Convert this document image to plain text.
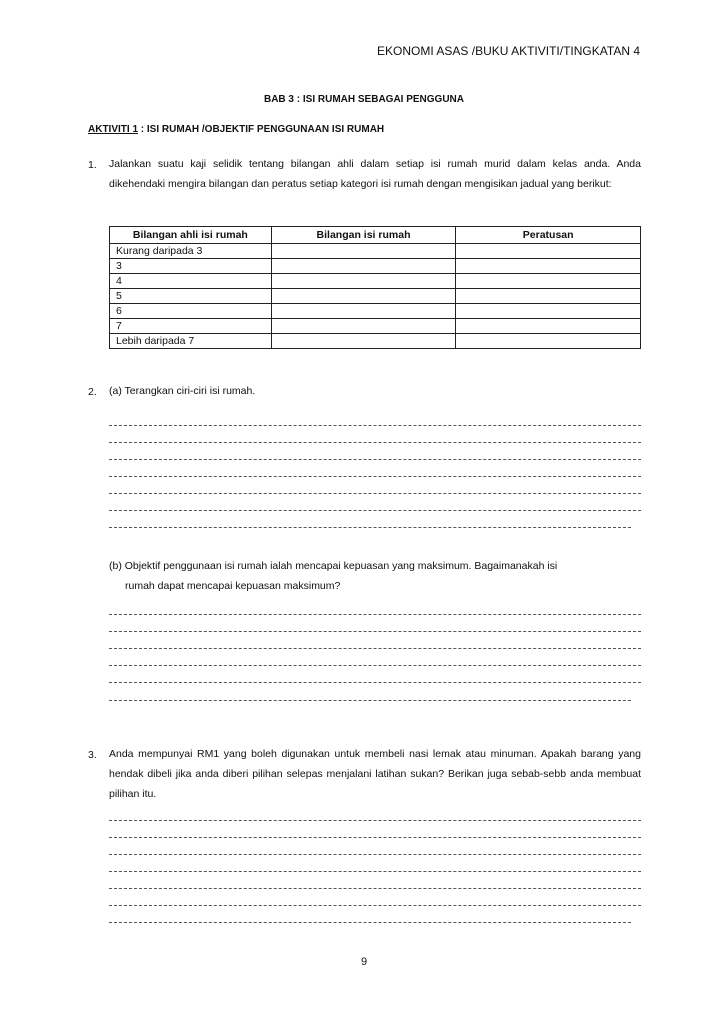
EKONOMI ASAS /BUKU AKTIVITI/TINGKATAN 4
BAB 3 : ISI RUMAH SEBAGAI PENGGUNA
AKTIVITI 1 : ISI RUMAH /OBJEKTIF PENGGUNAAN ISI RUMAH
1. Jalankan suatu kaji selidik tentang bilangan ahli dalam setiap isi rumah murid dalam kelas anda. Anda dikehendaki mengira bilangan dan peratus setiap kategori isi rumah dengan mengisikan jadual yang berikut:
Bilangan ahli isi rumah	Bilangan isi rumah	Peratusan
Kurang daripada 3		
3		
4		
5		
6		
7		
Lebih daripada 7		
2. (a) Terangkan ciri-ciri isi rumah.
(b) Objektif penggunaan isi rumah ialah mencapai kepuasan yang maksimum. Bagaimanakah isi
rumah dapat mencapai kepuasan maksimum?
3. Anda mempunyai RM1 yang boleh digunakan untuk membeli nasi lemak atau minuman. Apakah barang yang hendak dibeli jika anda diberi pilihan selepas menjalani latihan sukan? Berikan juga sebab-sebb anda membuat pilihan itu.
9
